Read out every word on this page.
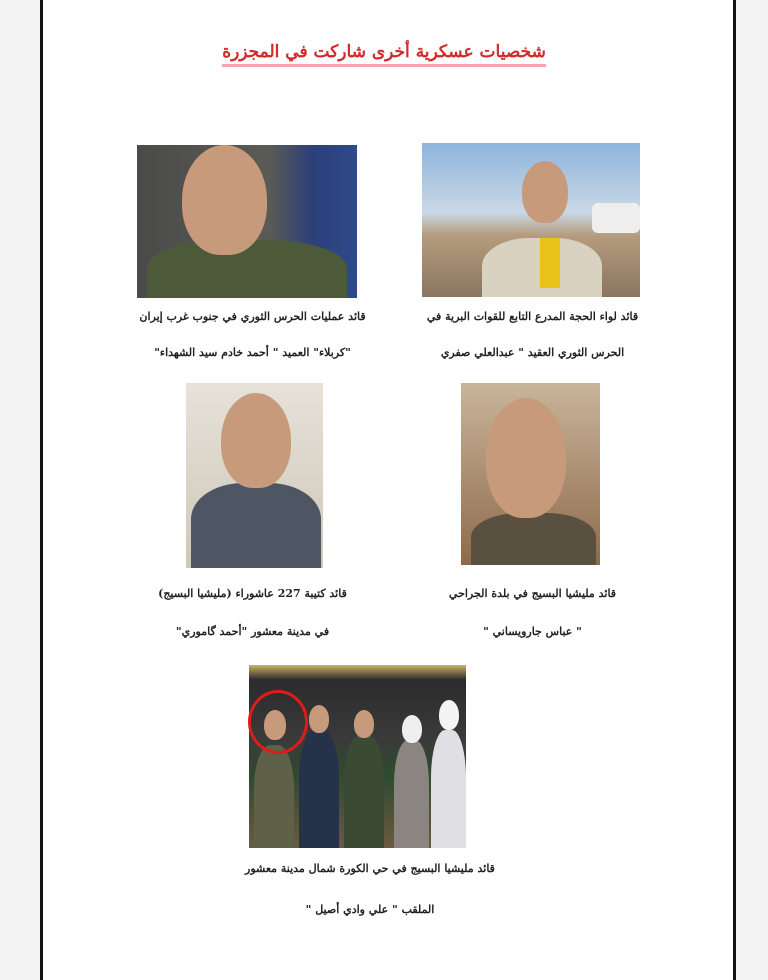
شخصيات عسكرية أخرى شاركت في المجزرة
قائد لواء الحجة المدرع التابع للقوات البرية في
الحرس الثوري العقيد " عبدالعلي صفري
قائد عمليات الحرس الثوري في جنوب غرب إيران
"كربلاء" العميد " أحمد خادم سيد الشهداء"
قائد مليشيا البسيج في بلدة الجراحي
" عباس جارويساني "
قائد كتيبة 227 عاشوراء (مليشيا البسيج)
في مدينة معشور "أحمد گاموري"
قائد مليشيا البسيج في حي الكورة شمال مدينة معشور
الملقب " علي وادي أصيل "
